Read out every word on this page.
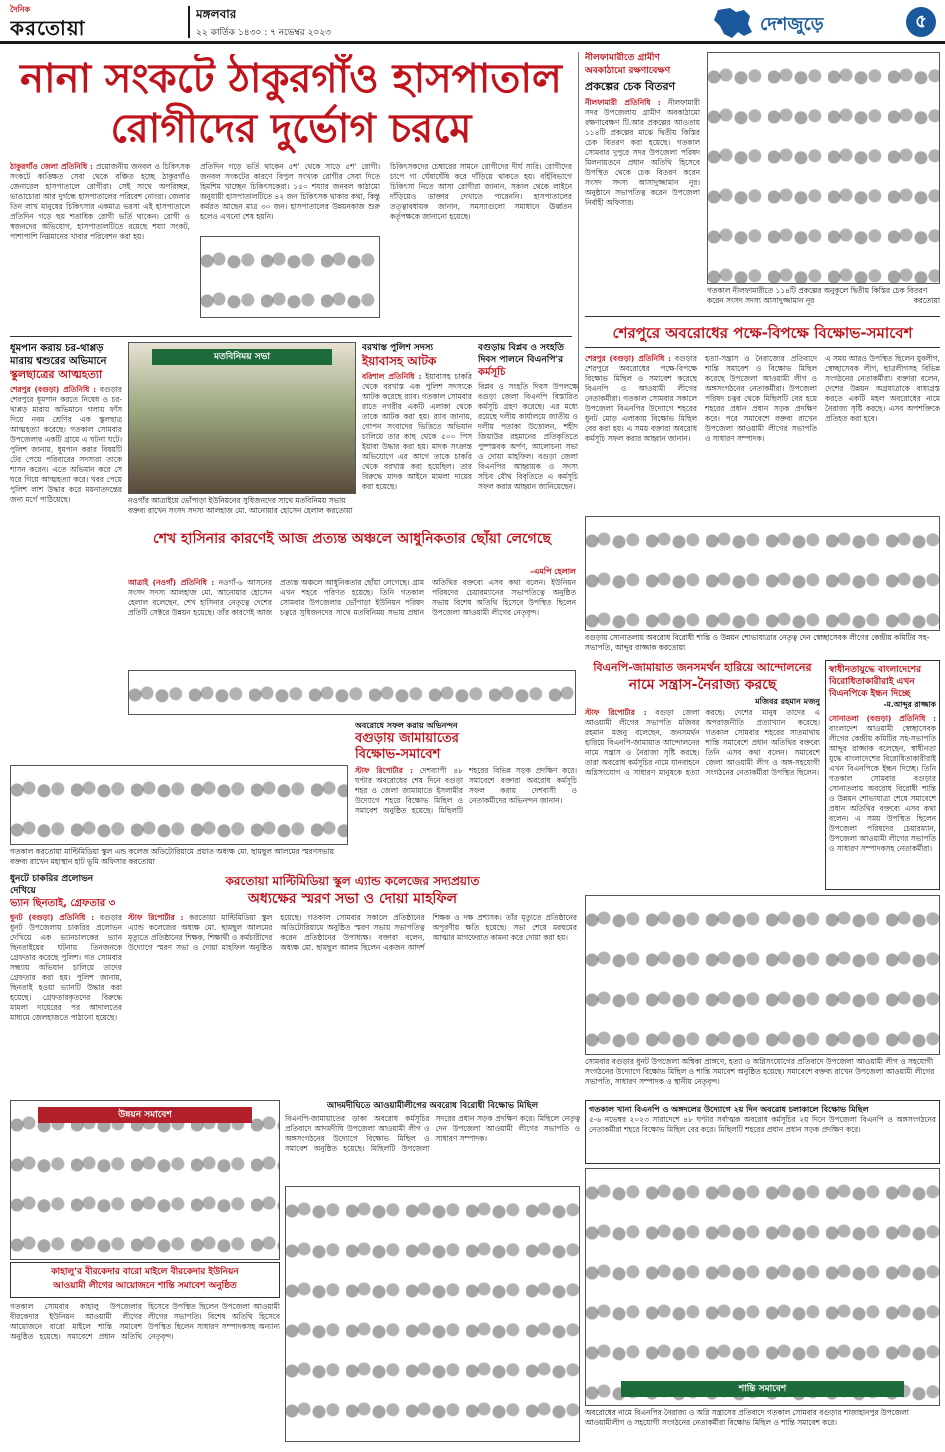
দৈনিক
করতোয়া
মঙ্গলবার
২২ কার্তিক ১৪৩০ : ৭ নভেম্বর ২০২৩	দেশজুড়ে	৫
নানা সংকটে ঠাকুরগাঁও হাসপাতাল
রোগীদের দুর্ভোগ চরমে
ঠাকুরগাঁও জেলা প্রতিনিধি : প্রয়োজনীয় জনবল ও চিকিৎসক সংকটে কাঙ্ক্ষিত সেবা থেকে বঞ্চিত হচ্ছে ঠাকুরগাঁও জেনারেল হাসপাতালে রোগীরা। সেই সাথে অপরিচ্ছন্ন, ভাঙাচোরা আর দুর্গন্ধে হাসপাতালের পরিবেশ নোংরা। জেলার তিন লাখ মানুষের চিকিৎসার একমাত্র ভরসা এই হাসপাতালে প্রতিদিন গড়ে ছয় শতাধিক রোগী ভর্তি থাকেন। রোগী ও স্বজনদের অভিযোগ, হাসপাতালটিতে রয়েছে শয্যা সংকট, পাশাপাশি নিম্নমানের খাবার পরিবেশন করা হয়।
প্রতিদিন গড়ে ভর্তি থাকেন ৫শ' থেকে সাড়ে ৫শ' রোগী। জনবল সংকটের কারণে বিপুল সংখ্যক রোগীর সেবা দিতে হিমশিম খাচ্ছেন চিকিৎসকেরা। ১৫০ শয্যার জনবল কাঠামো অনুযায়ী হাসপাতালটিতে ৪২ জন চিকিৎসক থাকার কথা, কিন্তু কর্মরত আছেন মাত্র ৩০ জন। হাসপাতালের উন্নয়নকাজ শুরু হলেও এখনো শেষ হয়নি।
চিকিৎসকদের চেম্বারের সামনে রোগীদের দীর্ঘ সারি। রোগীদের চাপে গা ঘেঁষাঘেঁষি করে দাঁড়িয়ে থাকতে হয়। বর্হিবিভাগে চিকিৎসা নিতে আসা রোগীরা জানান, সকাল থেকে লাইনে দাঁড়িয়েও ডাক্তার দেখাতে পারেননি। হাসপাতালের তত্ত্বাবধায়ক জানান, সমস্যাগুলো সমাধানে ঊর্ধ্বতন কর্তৃপক্ষকে জানানো হয়েছে।
নীলফামারীতে গ্রামীণ অবকাঠামো রক্ষণাবেক্ষণ
প্রকল্পের চেক বিতরণ
নীলফামারী প্রতিনিধি : নীলফামারী সদর উপজেলায় গ্রামীণ অবকাঠামো রক্ষণাবেক্ষণ টি.আর প্রকল্পের আওতায় ১১৪টি প্রকল্পের মাঝে দ্বিতীয় কিস্তির চেক বিতরণ করা হয়েছে। গতকাল সোমবার দুপুরে সদর উপজেলা পরিষদ মিলনায়তনে প্রধান অতিথি হিসেবে উপস্থিত থেকে চেক বিতরণ করেন সংসদ সদস্য আসাদুজ্জামান নূর। অনুষ্ঠানে সভাপতিত্ব করেন উপজেলা নির্বাহী অফিসার।
গতকাল নীলফামারীতে ১১৪টি প্রকল্পের অনুকূলে দ্বিতীয় কিস্তির চেক বিতরণ করেন সংসদ সদস্য আসাদুজ্জামান নূর	করতোয়া
শেরপুরে অবরোধের পক্ষে-বিপক্ষে বিক্ষোভ-সমাবেশ
শেরপুর (বগুড়া) প্রতিনিধি : বগুড়ার শেরপুরে অবরোধের পক্ষে-বিপক্ষে বিক্ষোভ মিছিল ও সমাবেশ করেছে বিএনপি ও আওয়ামী লীগের নেতাকর্মীরা। গতকাল সোমবার সকালে উপজেলা বিএনপির উদ্যোগে শহরের ধুনট মোড় এলাকায় বিক্ষোভ মিছিল বের করা হয়। এ সময় বক্তারা অবরোধ কর্মসূচি সফল করার আহ্বান জানান।
হত্যা-সন্ত্রাস ও নৈরাজ্যের প্রতিবাদে শান্তি সমাবেশ ও বিক্ষোভ মিছিল করেছে উপজেলা আওয়ামী লীগ ও অঙ্গসংগঠনের নেতাকর্মীরা। উপজেলা পরিষদ চত্বর থেকে মিছিলটি বের হয়ে শহরের প্রধান প্রধান সড়ক প্রদক্ষিণ করে। পরে সমাবেশে বক্তব্য রাখেন উপজেলা আওয়ামী লীগের সভাপতি ও সাধারণ সম্পাদক।
এ সময় আরও উপস্থিত ছিলেন যুবলীগ, স্বেচ্ছাসেবক লীগ, ছাত্রলীগসহ বিভিন্ন সংগঠনের নেতাকর্মীরা। বক্তারা বলেন, দেশের উন্নয়ন অগ্রযাত্রাকে বাধাগ্রস্ত করতে একটি মহল অবরোধের নামে নৈরাজ্য সৃষ্টি করছে। এসব অপশক্তিকে প্রতিহত করা হবে।
ধূমপান করায় চর-থাপ্পড়
মারায় শ্বশুরের অভিমানে
স্কুলছাত্রের আত্মহত্যা
শেরপুর (বগুড়া) প্রতিনিধি : বগুড়ার শেরপুরে ধূমপান করতে নিষেধ ও চর-থাপ্পড় মারায় অভিমানে গলায় ফাঁস দিয়ে নবম শ্রেণির এক স্কুলছাত্র আত্মহত্যা করেছে। গতকাল সোমবার উপজেলার একটি গ্রামে এ ঘটনা ঘটে। পুলিশ জানায়, ধূমপান করার বিষয়টি টের পেয়ে পরিবারের সদস্যরা তাকে শাসন করেন। এতে অভিমান করে সে ঘরে গিয়ে আত্মহত্যা করে। খবর পেয়ে পুলিশ লাশ উদ্ধার করে ময়নাতদন্তের জন্য মর্গে পাঠিয়েছে।
মতবিনিময় সভা
নওগাঁর আত্রাইয়ে ভোঁপাড়া ইউনিয়নের সুধিজনদের সাথে মতবিনিময় সভায় বক্তব্য রাখেন সংসদ সদস্য আলহাজ মো. আনোয়ার হোসেন হেলাল করতোয়া
বরখাস্ত পুলিশ সদস্য
ইয়াবাসহ আটক
বরিশাল প্রতিনিধি : ইয়াবাসহ চাকরি থেকে বরখাস্ত এক পুলিশ সদস্যকে আটক করেছে র‌্যাব। গতকাল সোমবার রাতে নগরীর একটি এলাকা থেকে তাকে আটক করা হয়। র‌্যাব জানায়, গোপন সংবাদের ভিত্তিতে অভিযান চালিয়ে তার কাছ থেকে ৫০০ পিস ইয়াবা উদ্ধার করা হয়। মাদক সংক্রান্ত অভিযোগে এর আগে তাকে চাকরি থেকে বরখাস্ত করা হয়েছিল। তার বিরুদ্ধে মাদক আইনে মামলা দায়ের করা হয়েছে।
বগুড়ায় বিপ্লব ও সংহতি
দিবস পালনে বিএনপি'র
কর্মসূচি
বিপ্লব ও সংহতি দিবস উপলক্ষে বগুড়া জেলা বিএনপি বিস্তারিত কর্মসূচি গ্রহণ করেছে। এর মধ্যে রয়েছে দলীয় কার্যালয়ে জাতীয় ও দলীয় পতাকা উত্তোলন, শহীদ জিয়াউর রহমানের প্রতিকৃতিতে পুষ্পস্তবক অর্পণ, আলোচনা সভা ও দোয়া মাহফিল। বগুড়া জেলা বিএনপির আহ্বায়ক ও সদস্য সচিব যৌথ বিবৃতিতে এ কর্মসূচি সফল করার আহ্বান জানিয়েছেন।
শেখ হাসিনার কারণেই আজ প্রত্যন্ত অঞ্চলে আধুনিকতার ছোঁয়া লেগেছে
-এমপি হেলাল
আত্রাই (নওগাঁ) প্রতিনিধি : নওগাঁ-৬ আসনের সংসদ সদস্য আলহাজ মো. আনোয়ার হোসেন হেলাল বলেছেন, শেখ হাসিনার নেতৃত্বে দেশের প্রতিটি সেক্টরে উন্নয়ন হয়েছে। তাঁর কারণেই আজ প্রত্যন্ত অঞ্চলে আধুনিকতার ছোঁয়া লেগেছে। গ্রাম এখন শহরে পরিণত হয়েছে। তিনি গতকাল সোমবার উপজেলার ভোঁপাড়া ইউনিয়ন পরিষদ চত্বরে সুধিজনদের সাথে মতবিনিময় সভায় প্রধান অতিথির বক্তব্যে এসব কথা বলেন। ইউনিয়ন পরিষদের চেয়ারম্যানের সভাপতিত্বে অনুষ্ঠিত সভায় বিশেষ অতিথি হিসেবে উপস্থিত ছিলেন উপজেলা আওয়ামী লীগের নেতৃবৃন্দ।
বগুড়ায় সোনাতলায় অবরোধ বিরোধী শান্তি ও উন্নয়ন শোভাযাত্রার নেতৃত্ব দেন স্বেচ্ছাসেবক লীগের কেন্দ্রীয় কমিটির সহ-সভাপতি, আব্দুর রাজ্জাক করতোয়া
বিএনপি-জামায়াত জনসমর্থন হারিয়ে আন্দোলনের
নামে সন্ত্রাস-নৈরাজ্য করছে
মজিবর রহমান মজনু
স্টাফ রিপোর্টার : বগুড়া জেলা আওয়ামী লীগের সভাপতি মজিবর রহমান মজনু বলেছেন, জনসমর্থন হারিয়ে বিএনপি-জামায়াত আন্দোলনের নামে সন্ত্রাস ও নৈরাজ্য সৃষ্টি করছে। তারা অবরোধ কর্মসূচির নামে যানবাহনে অগ্নিসংযোগ ও সাধারণ মানুষকে হত্যা করছে। দেশের মানুষ তাদের এ অপরাজনীতি প্রত্যাখ্যান করেছে। গতকাল সোমবার শহরের সাতমাথায় শান্তি সমাবেশে প্রধান অতিথির বক্তব্যে তিনি এসব কথা বলেন। সমাবেশে জেলা আওয়ামী লীগ ও অঙ্গ-সহযোগী সংগঠনের নেতাকর্মীরা উপস্থিত ছিলেন।
স্বাধীনতাযুদ্ধে বাংলাদেশের
বিরোধিতাকারীরাই এখন
বিএনপিকে ইন্ধন দিচ্ছে
-ম.আব্দুর রাজ্জাক
সোনাতলা (বগুড়া) প্রতিনিধি : বাংলাদেশ আওয়ামী স্বেচ্ছাসেবক লীগের কেন্দ্রীয় কমিটির সহ-সভাপতি আব্দুর রাজ্জাক বলেছেন, স্বাধীনতা যুদ্ধে বাংলাদেশের বিরোধিতাকারীরাই এখন বিএনপিকে ইন্ধন দিচ্ছে। তিনি গতকাল সোমবার বগুড়ার সোনাতলায় অবরোধ বিরোধী শান্তি ও উন্নয়ন শোভাযাত্রা শেষে সমাবেশে প্রধান অতিথির বক্তব্যে এসব কথা বলেন। এ সময় উপস্থিত ছিলেন উপজেলা পরিষদের চেয়ারম্যান, উপজেলা আওয়ামী লীগের সভাপতি ও সাধারণ সম্পাদকসহ নেতাকর্মীরা।
গতকাল করতোয়া মাল্টিমিডিয়া স্কুল এন্ড কলেজ অডিটোরিয়ামে প্রয়াত অধ্যক্ষ মো. ছামছুল আলমের স্মরণসভায় বক্তব্য রাখেন মহাস্থান হাট ভূমি অফিসার করতোয়া
অবরোধে সফল করায় অভিনন্দন
বগুড়ায় জামায়াতের
বিক্ষোভ-সমাবেশ
স্টাফ রিপোর্টার : দেশব্যাপী ৪৮ ঘণ্টার অবরোধের শেষ দিনে বগুড়া শহর ও জেলা জামায়াতে ইসলামীর উদ্যোগে শহরে বিক্ষোভ মিছিল ও সমাবেশ অনুষ্ঠিত হয়েছে। মিছিলটি শহরের বিভিন্ন সড়ক প্রদক্ষিণ করে। সমাবেশে বক্তারা অবরোধ কর্মসূচি সফল করায় দেশবাসী ও নেতাকর্মীদের অভিনন্দন জানান।
ধুনটে চাকরির প্রলোভন দেখিয়ে
ভ্যান ছিনতাই, গ্রেফতার ৩
ধুনট (বগুড়া) প্রতিনিধি : বগুড়ার ধুনট উপজেলায় চাকরির প্রলোভন দেখিয়ে এক ভ্যানচালকের ভ্যান ছিনতাইয়ের ঘটনায় তিনজনকে গ্রেফতার করেছে পুলিশ। গত সোমবার সন্ধ্যায় অভিযান চালিয়ে তাদের গ্রেফতার করা হয়। পুলিশ জানায়, ছিনতাই হওয়া ভ্যানটি উদ্ধার করা হয়েছে। গ্রেফতারকৃতদের বিরুদ্ধে মামলা দায়েরের পর আদালতের মাধ্যমে জেলহাজতে পাঠানো হয়েছে।
করতোয়া মাল্টিমিডিয়া স্কুল এ্যান্ড কলেজের সদ্যপ্রয়াত
অধ্যক্ষের স্মরণ সভা ও দোয়া মাহফিল
স্টাফ রিপোর্টার : করতোয়া মাল্টিমিডিয়া স্কুল এ্যান্ড কলেজের অধ্যক্ষ মো. ছামছুল আলমের মৃত্যুতে প্রতিষ্ঠানের শিক্ষক, শিক্ষার্থী ও কর্মচারীদের উদ্যোগে স্মরণ সভা ও দোয়া মাহফিল অনুষ্ঠিত হয়েছে। গতকাল সোমবার সকালে প্রতিষ্ঠানের অডিটোরিয়ামে অনুষ্ঠিত স্মরণ সভায় সভাপতিত্ব করেন প্রতিষ্ঠানের উপাধ্যক্ষ। বক্তারা বলেন, অধ্যক্ষ মো. ছামছুল আলম ছিলেন একজন আদর্শ শিক্ষক ও দক্ষ প্রশাসক। তাঁর মৃত্যুতে প্রতিষ্ঠানের অপূরণীয় ক্ষতি হয়েছে। সভা শেষে মরহুমের আত্মার মাগফেরাত কামনা করে দোয়া করা হয়।
সোমবার বগুড়ার ধুনট উপজেলা অম্বিকা প্রাঙ্গণে, হত্যা ও অগ্নিসংযোগের প্রতিবাদে উপজেলা আওয়ামী লীগ ও সহযোগী সংগঠনের উদ্যোগে বিক্ষোভ মিছিল ও শান্তি সমাবেশ অনুষ্ঠিত হয়েছে। সমাবেশে বক্তব্য রাখেন উপজেলা আওয়ামী লীগের সভাপতি, সাধারণ সম্পাদক ও স্থানীয় নেতৃবৃন্দ।
উন্নয়ন সমাবেশ
কাহালু'র বীরকেদার বারো মাইলে বীরকেদার ইউনিয়ন
আওয়ামী লীগের আয়োজনে শান্তি সমাবেশ অনুষ্ঠিত
গতকাল সোমবার কাহালু উপজেলার বীরকেদার ইউনিয়ন আওয়ামী লীগের আয়োজনে বারো মাইলে শান্তি সমাবেশ অনুষ্ঠিত হয়েছে। সমাবেশে প্রধান অতিথি হিসেবে উপস্থিত ছিলেন উপজেলা আওয়ামী লীগের সভাপতি। বিশেষ অতিথি হিসেবে উপস্থিত ছিলেন সাধারণ সম্পাদকসহ অন্যান্য নেতৃবৃন্দ।
আদমদীঘিতে আওয়ামীলীগের অবরোধ বিরোধী বিক্ষোভ মিছিল
বিএনপি-জামায়াতের ডাকা অবরোধ কর্মসূচির প্রতিবাদে আদমদীঘি উপজেলা আওয়ামী লীগ ও অঙ্গসংগঠনের উদ্যোগে বিক্ষোভ মিছিল ও সমাবেশ অনুষ্ঠিত হয়েছে। মিছিলটি উপজেলা সদরের প্রধান সড়ক প্রদক্ষিণ করে। মিছিলে নেতৃত্ব দেন উপজেলা আওয়ামী লীগের সভাপতি ও সাধারণ সম্পাদক।
গতকাল খানা বিএনপি ও অঙ্গদলের উদ্যোগে ২য় দিন অবরোধ চলাকালে বিক্ষোভ মিছিল
৫-৬ নভেম্বর ২০২৩ সারাদেশে ৪৮ ঘণ্টার সর্বাত্মক অবরোধ কর্মসূচির ২য় দিনে উপজেলা বিএনপি ও অঙ্গসংগঠনের নেতাকর্মীরা শহরে বিক্ষোভ মিছিল বের করে। মিছিলটি শহরের প্রধান প্রধান সড়ক প্রদক্ষিণ করে।
শান্তি সমাবেশ
অবরোধের নামে বিএনপির নৈরাজ্য ও অগ্নি সন্ত্রাসের প্রতিবাদে গতকাল সোমবার বগুড়ার শাজাহানপুর উপজেলা আওয়ামীলীগ ও সহযোগী সংগঠনের নেতাকর্মীরা বিক্ষোভ মিছিল ও শান্তি সমাবেশ করে।
